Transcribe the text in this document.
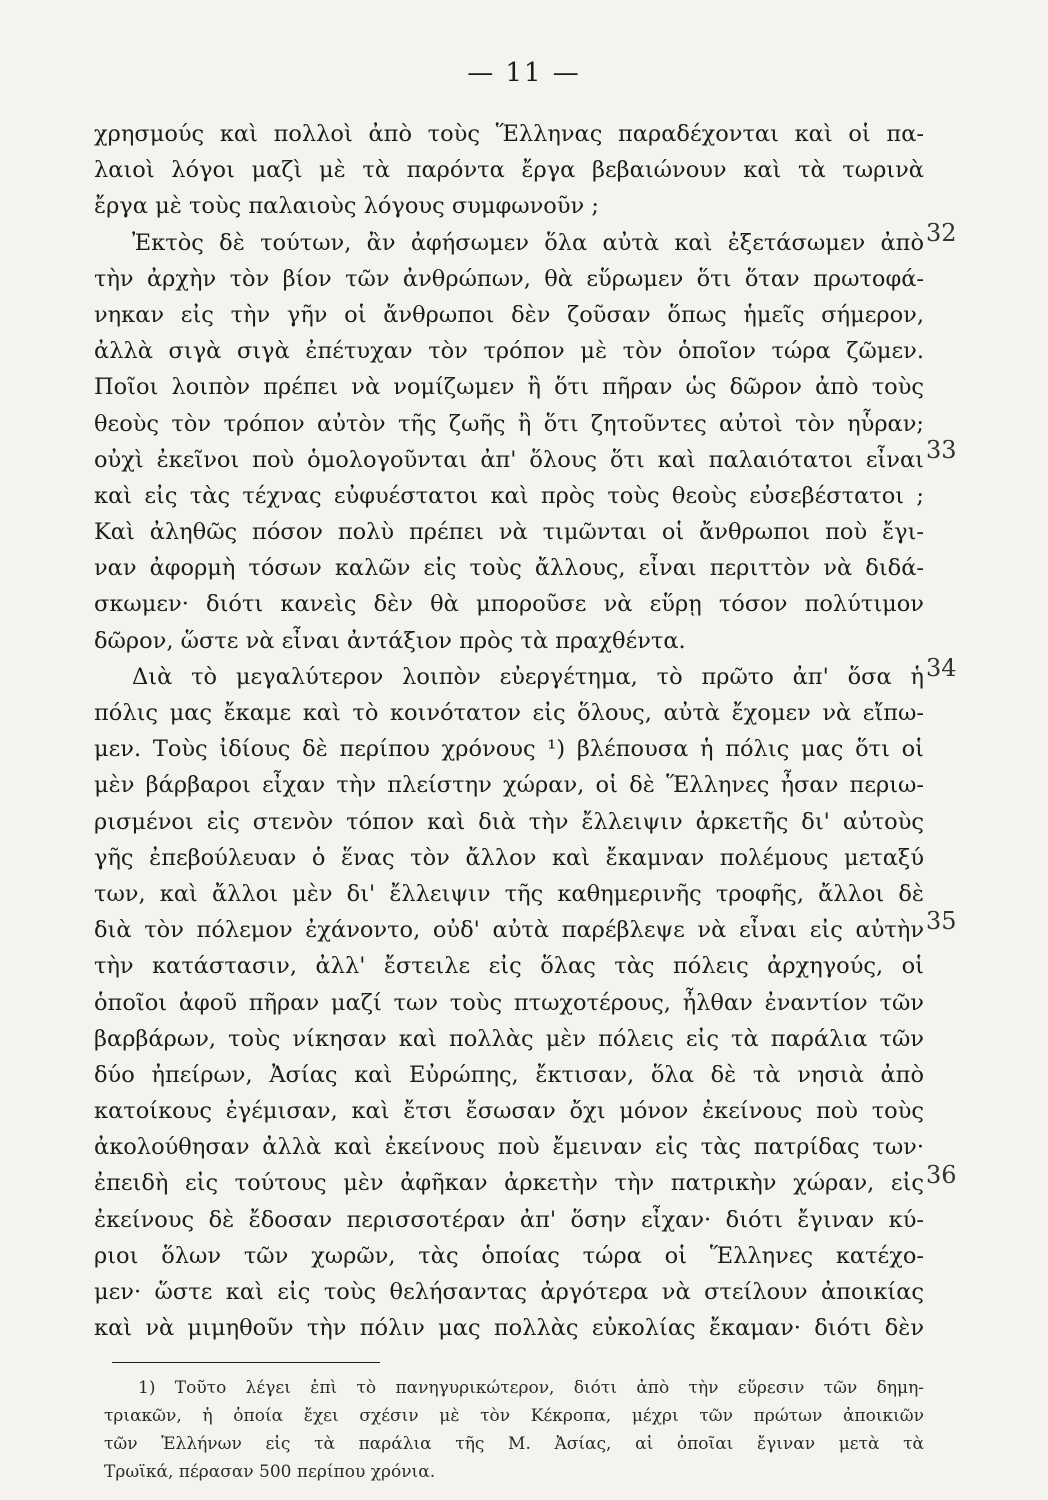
— 11 —
χρησμούς καὶ πολλοὶ ἀπὸ τοὺς Ἕλληνας παραδέχονται καὶ οἱ πα-
λαιοὶ λόγοι μαζὶ μὲ τὰ παρόντα ἔργα βεβαιώνουν καὶ τὰ τωρινὰ
ἔργα μὲ τοὺς παλαιοὺς λόγους συμφωνοῦν ;
Ἐκτὸς δὲ τούτων, ἂν ἀφήσωμεν ὅλα αὐτὰ καὶ ἐξετάσωμεν ἀπὸ
τὴν ἀρχὴν τὸν βίον τῶν ἀνθρώπων, θὰ εὕρωμεν ὅτι ὅταν πρωτοφά-
νηκαν εἰς τὴν γῆν οἱ ἄνθρωποι δὲν ζοῦσαν ὅπως ἡμεῖς σήμερον,
ἀλλὰ σιγὰ σιγὰ ἐπέτυχαν τὸν τρόπον μὲ τὸν ὁποῖον τώρα ζῶμεν.
Ποῖοι λοιπὸν πρέπει νὰ νομίζωμεν ἢ ὅτι πῆραν ὡς δῶρον ἀπὸ τοὺς
θεοὺς τὸν τρόπον αὐτὸν τῆς ζωῆς ἢ ὅτι ζητοῦντες αὐτοὶ τὸν ηὗραν;
οὐχὶ ἐκεῖνοι ποὺ ὁμολογοῦνται ἀπ' ὅλους ὅτι καὶ παλαιότατοι εἶναι
καὶ εἰς τὰς τέχνας εὐφυέστατοι καὶ πρὸς τοὺς θεοὺς εὐσεβέστατοι ;
Καὶ ἀληθῶς πόσον πολὺ πρέπει νὰ τιμῶνται οἱ ἄνθρωποι ποὺ ἔγι-
ναν ἀφορμὴ τόσων καλῶν εἰς τοὺς ἄλλους, εἶναι περιττὸν νὰ διδά-
σκωμεν· διότι κανεὶς δὲν θὰ μποροῦσε νὰ εὕρῃ τόσον πολύτιμον
δῶρον, ὥστε νὰ εἶναι ἀντάξιον πρὸς τὰ πραχθέντα.
Διὰ τὸ μεγαλύτερον λοιπὸν εὐεργέτημα, τὸ πρῶτο ἀπ' ὅσα ἡ
πόλις μας ἔκαμε καὶ τὸ κοινότατον εἰς ὅλους, αὐτὰ ἔχομεν νὰ εἴπω-
μεν. Τοὺς ἰδίους δὲ περίπου χρόνους ¹) βλέπουσα ἡ πόλις μας ὅτι οἱ
μὲν βάρβαροι εἶχαν τὴν πλείστην χώραν, οἱ δὲ Ἕλληνες ἦσαν περιω-
ρισμένοι εἰς στενὸν τόπον καὶ διὰ τὴν ἔλλειψιν ἀρκετῆς δι' αὐτοὺς
γῆς ἐπεβούλευαν ὁ ἕνας τὸν ἄλλον καὶ ἔκαμναν πολέμους μεταξύ
των, καὶ ἄλλοι μὲν δι' ἔλλειψιν τῆς καθημερινῆς τροφῆς, ἄλλοι δὲ
διὰ τὸν πόλεμον ἐχάνοντο, οὐδ' αὐτὰ παρέβλεψε νὰ εἶναι εἰς αὐτὴν
τὴν κατάστασιν, ἀλλ' ἔστειλε εἰς ὅλας τὰς πόλεις ἀρχηγούς, οἱ
ὁποῖοι ἀφοῦ πῆραν μαζί των τοὺς πτωχοτέρους, ἦλθαν ἐναντίον τῶν
βαρβάρων, τοὺς νίκησαν καὶ πολλὰς μὲν πόλεις εἰς τὰ παράλια τῶν
δύο ἠπείρων, Ἀσίας καὶ Εὐρώπης, ἔκτισαν, ὅλα δὲ τὰ νησιὰ ἀπὸ
κατοίκους ἐγέμισαν, καὶ ἔτσι ἔσωσαν ὄχι μόνον ἐκείνους ποὺ τοὺς
ἀκολούθησαν ἀλλὰ καὶ ἐκείνους ποὺ ἔμειναν εἰς τὰς πατρίδας των·
ἐπειδὴ εἰς τούτους μὲν ἀφῆκαν ἀρκετὴν τὴν πατρικὴν χώραν, εἰς
ἐκείνους δὲ ἔδοσαν περισσοτέραν ἀπ' ὅσην εἶχαν· διότι ἔγιναν κύ-
ριοι ὅλων τῶν χωρῶν, τὰς ὁποίας τώρα οἱ Ἕλληνες κατέχο-
μεν· ὥστε καὶ εἰς τοὺς θελήσαντας ἀργότερα νὰ στείλουν ἀποικίας
καὶ νὰ μιμηθοῦν τὴν πόλιν μας πολλὰς εὐκολίας ἔκαμαν· διότι δὲν
32
33
34
35
36
1) Τοῦτο λέγει ἐπὶ τὸ πανηγυρικώτερον, διότι ἀπὸ τὴν εὕρεσιν τῶν δημη-
τριακῶν, ἡ ὁποία ἔχει σχέσιν μὲ τὸν Κέκροπα, μέχρι τῶν πρώτων ἀποικιῶν
τῶν Ἑλλήνων εἰς τὰ παράλια τῆς Μ. Ἀσίας, αἱ ὁποῖαι ἔγιναν μετὰ τὰ
Τρωϊκά, πέρασαν 500 περίπου χρόνια.
